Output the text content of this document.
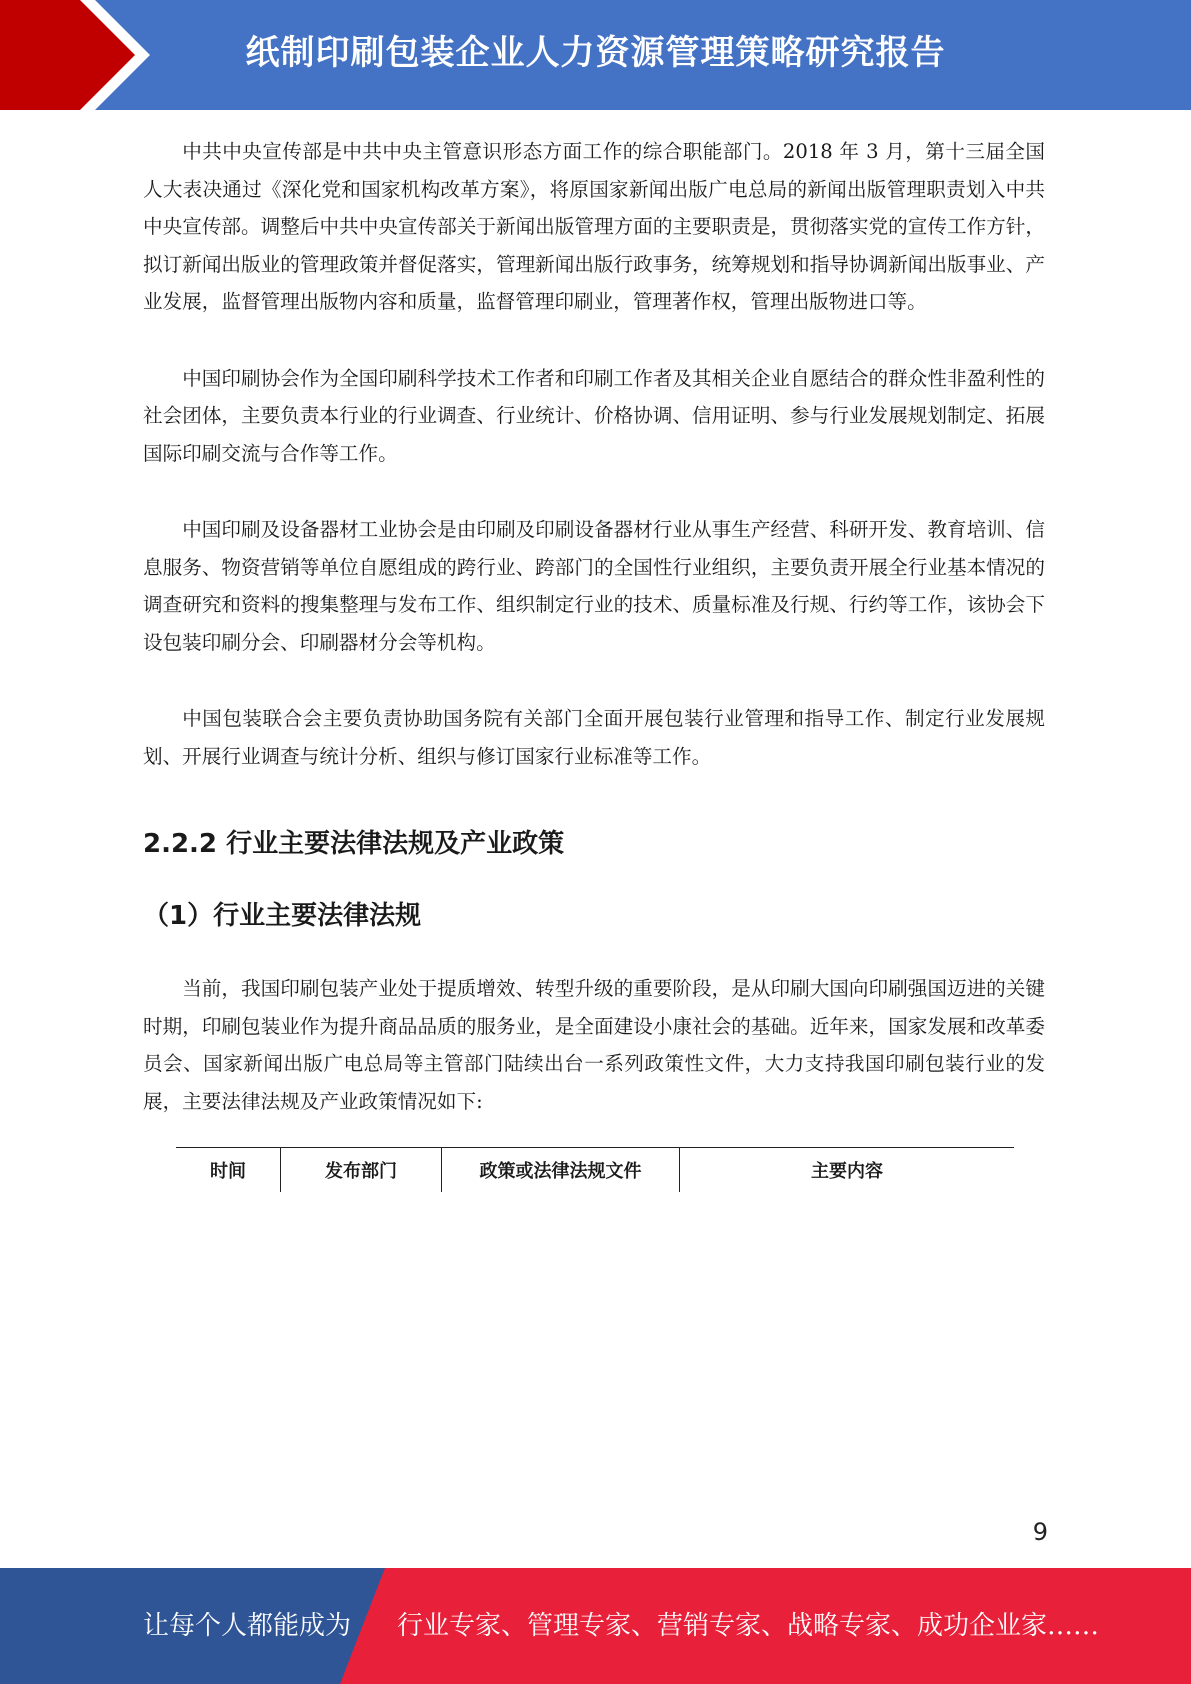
纸制印刷包装企业人力资源管理策略研究报告

中共中央宣传部是中共中央主管意识形态方面工作的综合职能部门。2018 年 3 月，第十三届全国人大表决通过《深化党和国家机构改革方案》，将原国家新闻出版广电总局的新闻出版管理职责划入中共中央宣传部。调整后中共中央宣传部关于新闻出版管理方面的主要职责是，贯彻落实党的宣传工作方针，拟订新闻出版业的管理政策并督促落实，管理新闻出版行政事务，统筹规划和指导协调新闻出版事业、产业发展，监督管理出版物内容和质量，监督管理印刷业，管理著作权，管理出版物进口等。

中国印刷协会作为全国印刷科学技术工作者和印刷工作者及其相关企业自愿结合的群众性非盈利性的社会团体，主要负责本行业的行业调查、行业统计、价格协调、信用证明、参与行业发展规划制定、拓展国际印刷交流与合作等工作。

中国印刷及设备器材工业协会是由印刷及印刷设备器材行业从事生产经营、科研开发、教育培训、信息服务、物资营销等单位自愿组成的跨行业、跨部门的全国性行业组织，主要负责开展全行业基本情况的调查研究和资料的搜集整理与发布工作、组织制定行业的技术、质量标准及行规、行约等工作，该协会下设包装印刷分会、印刷器材分会等机构。

中国包装联合会主要负责协助国务院有关部门全面开展包装行业管理和指导工作、制定行业发展规划、开展行业调查与统计分析、组织与修订国家行业标准等工作。

2.2.2 行业主要法律法规及产业政策
（1）行业主要法律法规

当前，我国印刷包装产业处于提质增效、转型升级的重要阶段，是从印刷大国向印刷强国迈进的关键时期，印刷包装业作为提升商品品质的服务业，是全面建设小康社会的基础。近年来，国家发展和改革委员会、国家新闻出版广电总局等主管部门陆续出台一系列政策性文件，大力支持我国印刷包装行业的发展，主要法律法规及产业政策情况如下:

时间	发布部门	政策或法律法规文件	主要内容
9
让每个人都能成为 行业专家、管理专家、营销专家、战略专家、成功企业家……
